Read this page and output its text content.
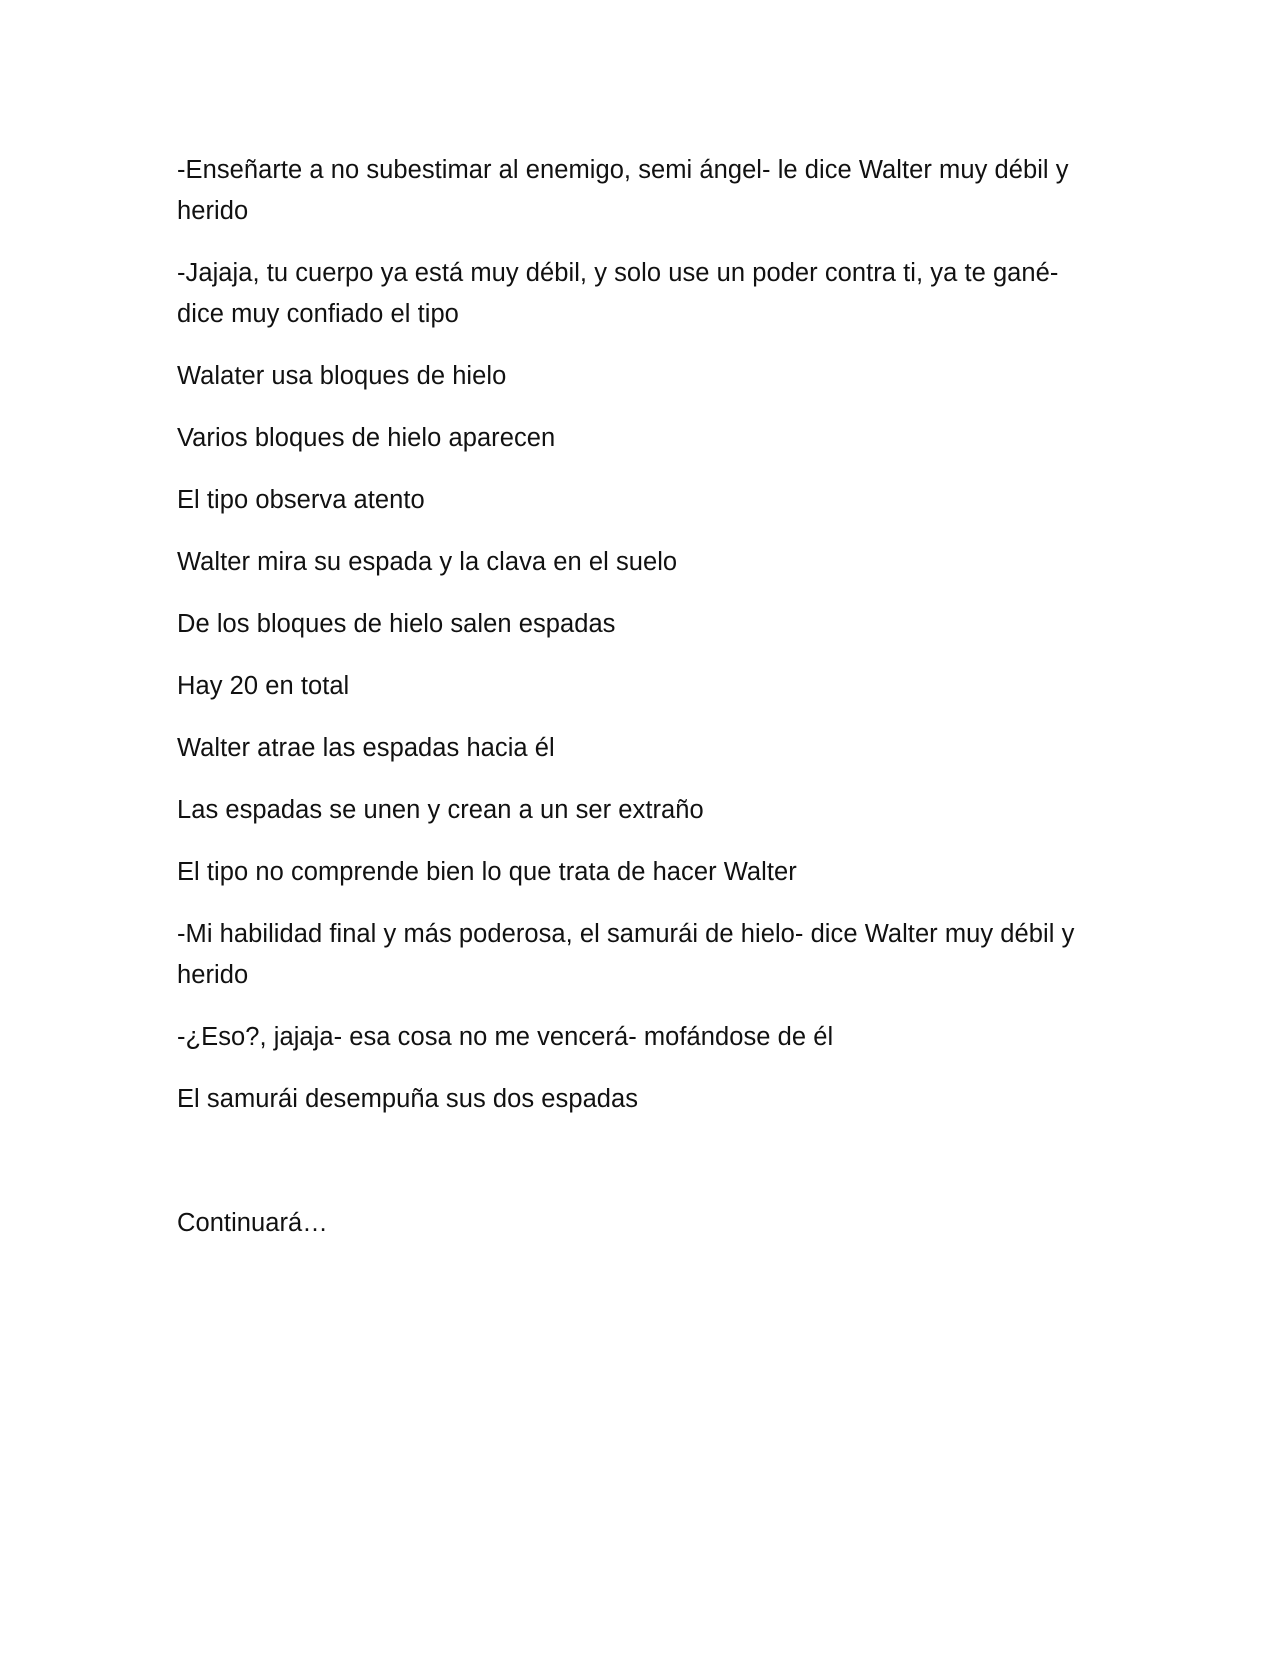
-Enseñarte a no subestimar al enemigo, semi ángel- le dice Walter muy débil y herido

-Jajaja, tu cuerpo ya está muy débil, y solo use un poder contra ti, ya te gané- dice muy confiado el tipo

Walater usa bloques de hielo

Varios bloques de hielo aparecen

El tipo observa atento

Walter mira su espada y la clava en el suelo

De los bloques de hielo salen espadas

Hay 20 en total

Walter atrae las espadas hacia él

Las espadas se unen y crean a un ser extraño

El tipo no comprende bien lo que trata de hacer Walter

-Mi habilidad final y más poderosa, el samurái de hielo- dice Walter muy débil y herido

-¿Eso?, jajaja- esa cosa no me vencerá- mofándose de él

El samurái desempuña sus dos espadas

Continuará…
